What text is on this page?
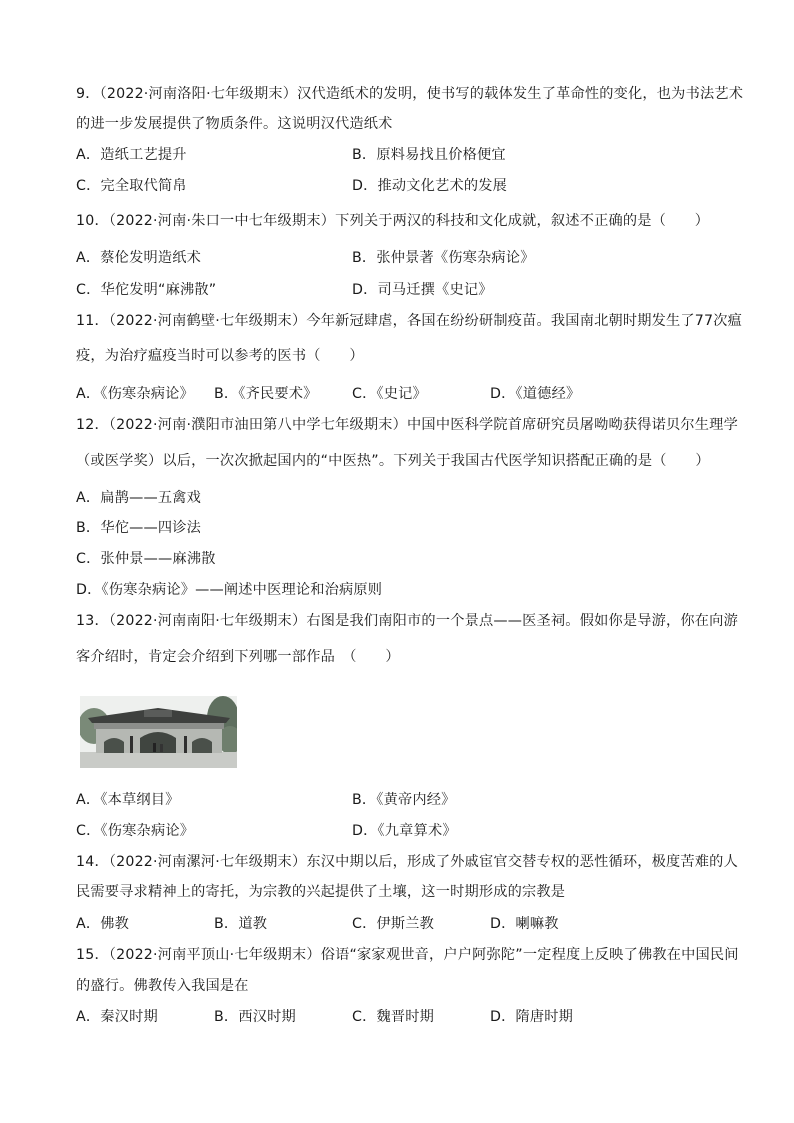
9．（2022·河南洛阳·七年级期末）汉代造纸术的发明，使书写的载体发生了革命性的变化，也为书法艺术
的进一步发展提供了物质条件。这说明汉代造纸术
A．造纸工艺提升	B．原料易找且价格便宜
C．完全取代简帛	D．推动文化艺术的发展
10．（2022·河南·朱口一中七年级期末）下列关于两汉的科技和文化成就，叙述不正确的是（　　）
A．蔡伦发明造纸术	B．张仲景著《伤寒杂病论》
C．华佗发明“麻沸散”	D．司马迁撰《史记》
11．（2022·河南鹤壁·七年级期末）今年新冠肆虐，各国在纷纷研制疫苗。我国南北朝时期发生了77次瘟
疫，为治疗瘟疫当时可以参考的医书（　　）
A．《伤寒杂病论》 B．《齐民要术》 C．《史记》	D．《道德经》
12．（2022·河南·濮阳市油田第八中学七年级期末）中国中医科学院首席研究员屠呦呦获得诺贝尔生理学
（或医学奖）以后，一次次掀起国内的“中医热”。下列关于我国古代医学知识搭配正确的是（　　）
A．扁鹊——五禽戏
B．华佗——四诊法
C．张仲景——麻沸散
D．《伤寒杂病论》——阐述中医理论和治病原则
13．（2022·河南南阳·七年级期末）右图是我们南阳市的一个景点——医圣祠。假如你是导游，你在向游
客介绍时，肯定会介绍到下列哪一部作品　（　　）
A．《本草纲目》	B．《黄帝内经》
C．《伤寒杂病论》	D．《九章算术》
14．（2022·河南漯河·七年级期末）东汉中期以后，形成了外戚宦官交替专权的恶性循环，极度苦难的人
民需要寻求精神上的寄托，为宗教的兴起提供了土壤，这一时期形成的宗教是
A．佛教	B．道教	C．伊斯兰教	D．喇嘛教
15．（2022·河南平顶山·七年级期末）俗语“家家观世音，户户阿弥陀”一定程度上反映了佛教在中国民间
的盛行。佛教传入我国是在
A．秦汉时期	B．西汉时期	C．魏晋时期	D．隋唐时期
